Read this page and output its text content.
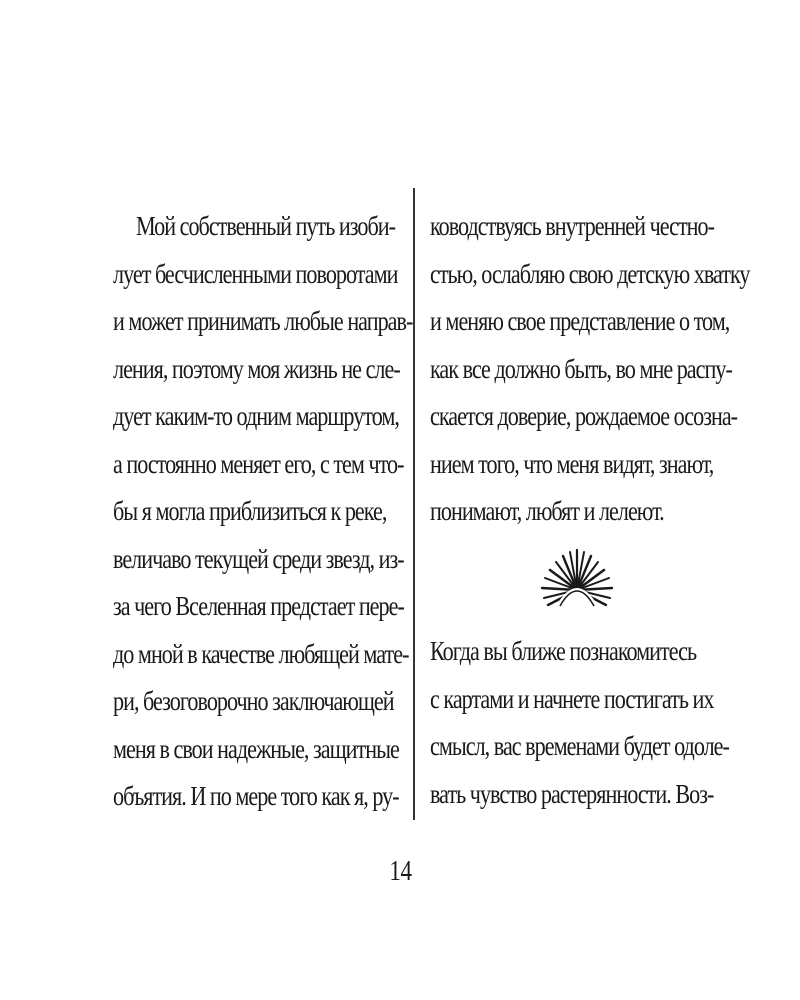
Мой собственный путь изоби-
лует бесчисленными поворотами
и может принимать любые направ-
ления, поэтому моя жизнь не сле-
дует каким-то одним маршрутом,
а постоянно меняет его, с тем что-
бы я могла приблизиться к реке,
величаво текущей среди звезд, из-
за чего Вселенная предстает пере-
до мной в качестве любящей мате-
ри, безоговорочно заключающей
меня в свои надежные, защитные
объятия. И по мере того как я, ру-
ководствуясь внутренней честно-
стью, ослабляю свою детскую хватку
и меняю свое представление о том,
как все должно быть, во мне распу-
скается доверие, рождаемое осозна-
нием того, что меня видят, знают,
понимают, любят и лелеют.
Когда вы ближе познакомитесь
с картами и начнете постигать их
смысл, вас временами будет одоле-
вать чувство растерянности. Воз-
14
